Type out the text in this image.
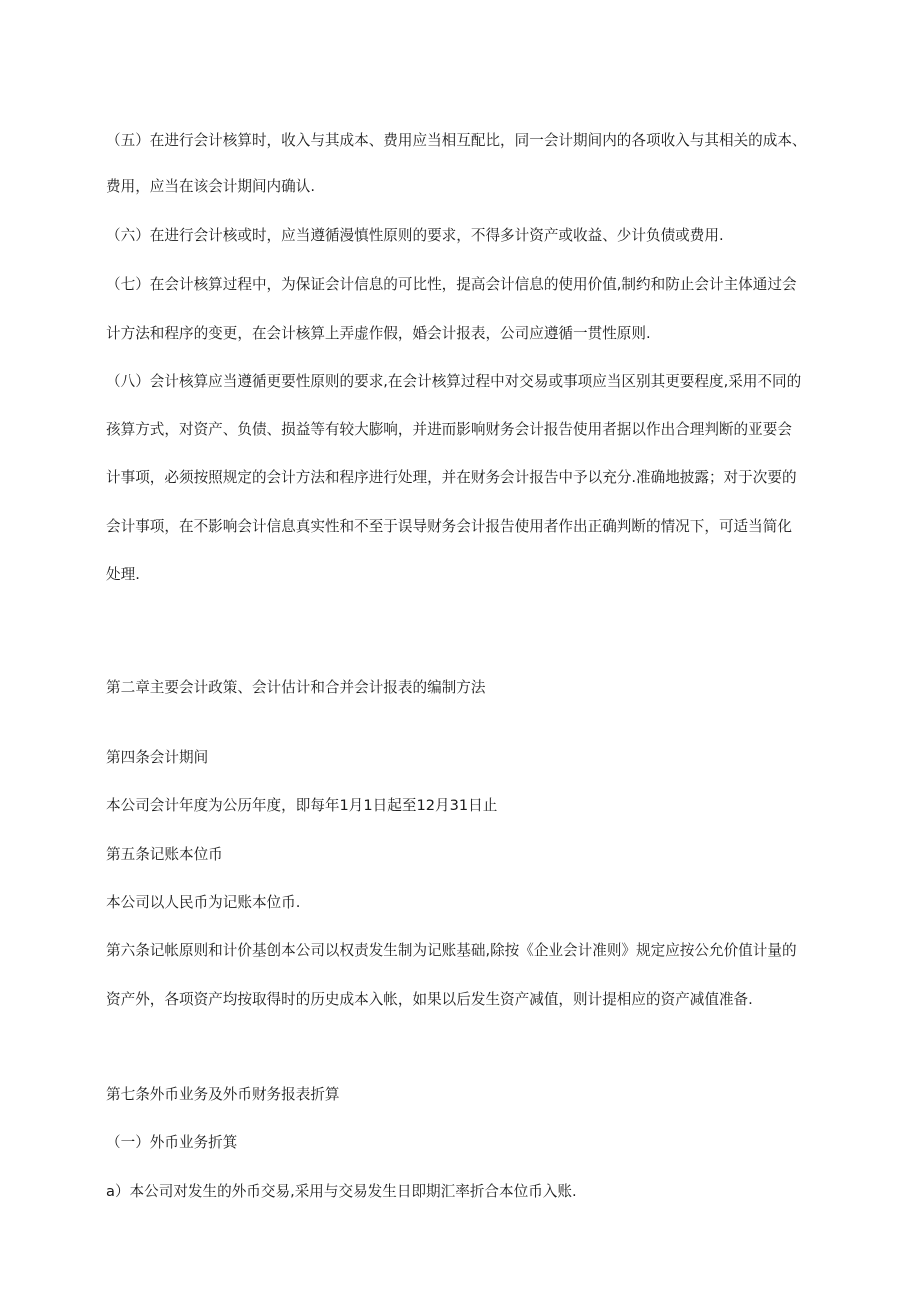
（五）在进行会计核算时，收入与其成本、费用应当相互配比，同一会计期间内的各项收入与其相关的成本、
费用，应当在该会计期间内确认.
（六）在进行会计核或时，应当遵循漫慎性原则的要求，不得多计资产或收益、少计负债或费用.
（七）在会计核算过程中，为保证会计信息的可比性，提高会计信息的使用价值,制约和防止会计主体通过会
计方法和程序的变更，在会计核算上弄虚作假，婚会计报表，公司应遵循一贯性原则.
（八）会计核算应当遵循更要性原则的要求,在会计核算过程中对交易或事项应当区别其更要程度,采用不同的
孩算方式，对资产、负债、损益等有较大膨响，并进而影响财务会计报告使用者据以作出合理判断的亚要会
计事项，必须按照规定的会计方法和程序进行处理，并在财务会计报告中予以充分.准确地披露；对于次要的
会计事项，在不影响会计信息真实性和不至于误导财务会计报告使用者作出正确判断的情况下，可适当简化
处理.
第二章主要会计政策、会计估计和合并会计报表的编制方法
第四条会计期间
本公司会计年度为公历年度，即每年1月1日起至12月31日止
第五条记账本位币
本公司以人民币为记账本位币.
第六条记帐原则和计价基创本公司以权责发生制为记账基础,除按《企业会计准则》规定应按公允价值计量的
资产外，各项资产均按取得时的历史成本入帐，如果以后发生资产减值，则计提相应的资产减值准备.
第七条外币业务及外币财务报表折算
（一）外币业务折箕
a）本公司对发生的外币交易,采用与交易发生日即期汇率折合本位币入账.
